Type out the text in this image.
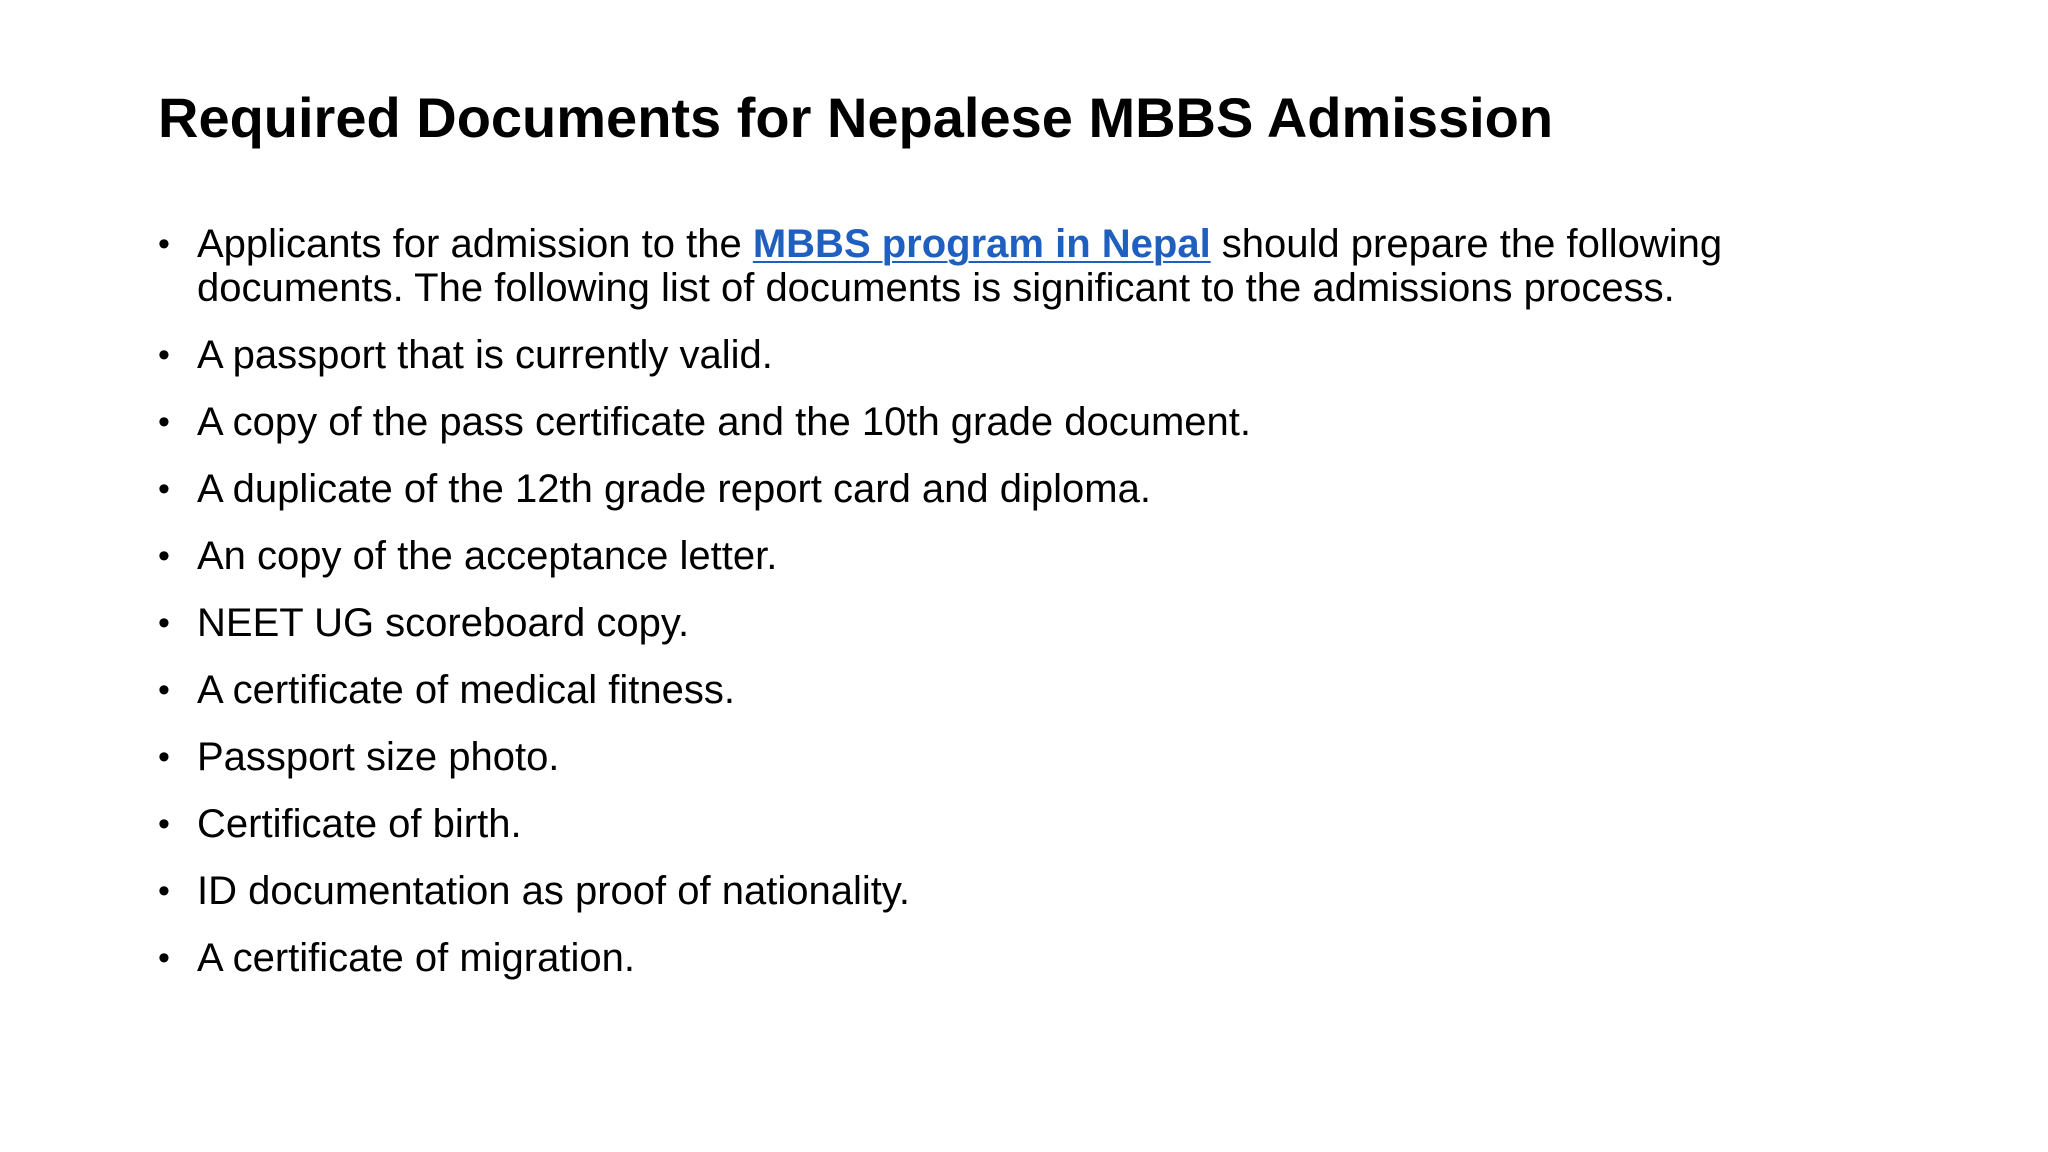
Required Documents for Nepalese MBBS Admission
• Applicants for admission to the MBBS program in Nepal should prepare the following documents. The following list of documents is significant to the admissions process.
• A passport that is currently valid.
• A copy of the pass certificate and the 10th grade document.
• A duplicate of the 12th grade report card and diploma.
• An copy of the acceptance letter.
• NEET UG scoreboard copy.
• A certificate of medical fitness.
• Passport size photo.
• Certificate of birth.
• ID documentation as proof of nationality.
• A certificate of migration.
